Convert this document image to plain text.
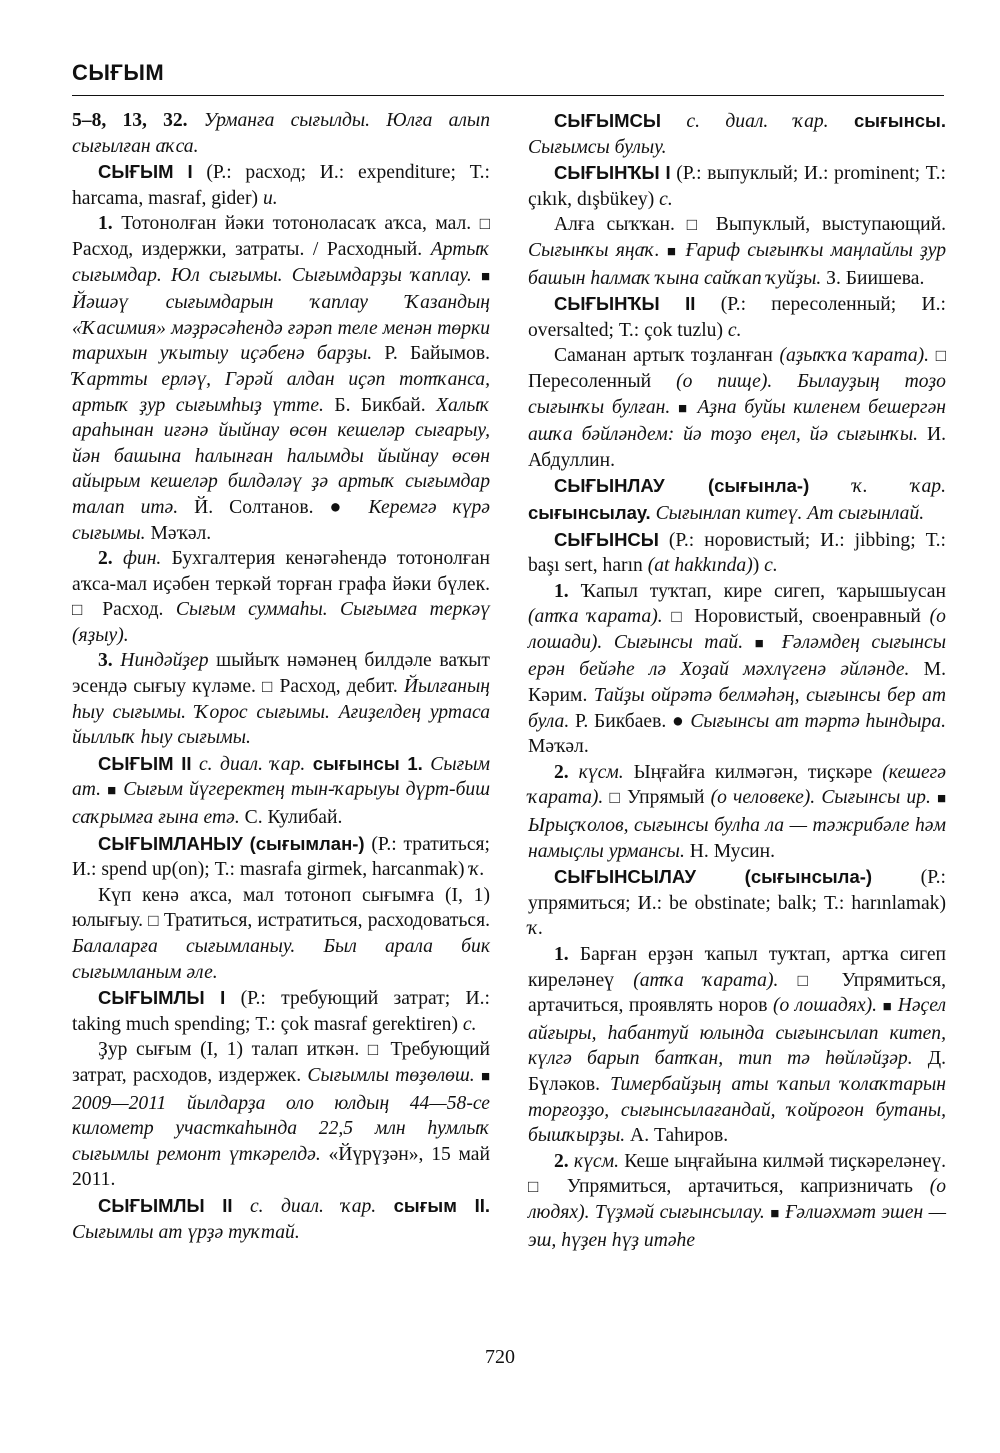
СЫҒЫМ

5–8, 13, 32. Урманға сығылды. Юлға алып сығылған аҡса.

СЫҒЫМ I (Р.: расход; И.: expenditure; Т.: harcama, masraf, gider) и.

1. Тотонолған йәки тотоноласаҡ аҡса, мал. □ Расход, издержки, затраты. / Расходный. Артыҡ сығымдар. Юл сығымы. Сығымдарҙы ҡаплау. ■ Йәшәү сығымдарын ҡаплау Ҡазандың «Ҡасимия» мәҙрәсәһендә ғәрәп теле менән төрки тарихын уҡытыу иҫәбенә барҙы. Р. Байымов. Ҡартты ерләү, Гәрәй алдан иҫәп тотҡанса, артыҡ ҙур сығымһыҙ үтте. Б. Бикбай. Халыҡ араһынан иғәнә йыйнау өсөн кешеләр сығарыу, йән башына һалынған һалымды йыйнау өсөн айырым кешеләр билдәләү ҙә артыҡ сығымдар талап итә. Й. Солтанов. ● Керемгә күрә сығымы. Мәҡәл.

2. фин. Бухгалтерия кенәгәһендә тотонолған аҡса-мал иҫәбен теркәй торған графа йәки бүлек. □ Расход. Сығым суммаһы. Сығымға теркәү (яҙыу).

3. Ниндәйҙер шыйыҡ нәмәнең билдәле ваҡыт эсендә сығыу күләме. □ Расход, дебит. Йылғаның һыу сығымы. Ҡорос сығымы. Ағиҙелдең уртаса йыллыҡ һыу сығымы.

СЫҒЫМ II с. диал. ҡар. сығынсы 1. Сығым ат. ■ Сығым йүгеректең тын-ҡарыуы дүрт-биш саҡрымға ғына етә. С. Кулибай.

СЫҒЫМЛАНЫУ (сығымлан-) (Р.: тратиться; И.: spend up(on); Т.: masrafa girmek, harcanmak) ҡ.

Күп кенә аҡса, мал тотоноп сығымға (I, 1) юлығыу. □ Тратиться, истратиться, расходоваться. Балаларға сығымланыу. Был арала бик сығымланым әле.

СЫҒЫМЛЫ I (Р.: требующий затрат; И.: taking much spending; Т.: çok masraf gerektiren) с.

Ҙур сығым (I, 1) талап иткән. □ Требующий затрат, расходов, издержек. Сығымлы төҙөлөш. ■ 2009—2011 йылдарҙа оло юлдың 44—58-се километр участкаһында 22,5 млн һумлыҡ сығымлы ремонт үткәрелдә. «Йүрүҙән», 15 май 2011.

СЫҒЫМЛЫ II с. диал. ҡар. сығым II. Сығымлы ат үрҙә туҡтай.

СЫҒЫМСЫ с. диал. ҡар. сығынсы. Сығымсы булыу.

СЫҒЫНҠЫ I (Р.: выпуклый; И.: prominent; Т.: çıkık, dışbükey) с.

Алға сыҡҡан. □ Выпуклый, выступающий. Сығынҡы яңаҡ. ■ Ғариф сығынҡы маңлайлы ҙур башын һалмаҡ ҡына сайҡап ҡуйҙы. З. Биишева.

СЫҒЫНҠЫ II (Р.: пересоленный; И.: oversalted; Т.: çok tuzlu) с.

Саманан артыҡ тоҙланған (аҙыҡҡа ҡарата). □ Пересоленный (о пище). Былауҙың тоҙо сығынҡы булған. ■ Аҙна буйы киленем бешергән ашҡа бәйләндем: йә тоҙо еңел, йә сығынҡы. И. Абдуллин.

СЫҒЫНЛАУ (сығынла-) ҡ. ҡар. сығынсылау. Сығынлап китеү. Ат сығынлай.

СЫҒЫНСЫ (Р.: норовистый; И.: jibbing; Т.: başı sert, harın (at hakkında)) с.

1. Ҡапыл туҡтап, кире сигеп, ҡарышыусан (атҡа ҡарата). □ Норовистый, своенравный (о лошади). Сығынсы тай. ■ Ғәләмдең сығынсы ерән бейәһе лә Хоҙай мәхлүгенә әйләнде. М. Кәрим. Тайҙы ойрәтә белмәһәң, сығынсы бер ат була. Р. Бикбаев. ● Сығынсы ат тәртә һындыра. Мәҡәл.

2. күсм. Ыңғайға килмәгән, тиҫкәре (кешегә ҡарата). □ Упрямый (о человеке). Сығынсы ир. ■ Ырыҫҡолов, сығынсы булһа ла — тәжрибәле һәм намыҫлы урмансы. Н. Мусин.

СЫҒЫНСЫЛАУ	(сығынсыла-) (Р.: упрямиться; И.: be obstinate; balk; Т.: harınlamak) ҡ.

1. Барған ерҙән ҡапыл туҡтап, артҡа сигеп киреләнеү (атҡа ҡарата). □ Упрямиться, артачиться, проявлять норов (о лошадях). ■ Нәҫел айғыры, һабантуй юлында сығынсылап китеп, күлгә барып батҡан, тип тә һөйләйҙәр. Д. Бүләков. Тимербайҙың аты ҡапыл ҡолаҡтарын торғоҙҙо, сығынсылағандай, ҡойроғон бутаны, бышҡырҙы. А. Таһиров.

2. күсм. Кеше ыңғайына килмәй тиҫкәреләнеү. □ Упрямиться, артачиться, капризничать (о людях). Түҙмәй сығынсылау. ■ Ғәлиәхмәт эшен — эш, һүҙен һүҙ итәһе

720
